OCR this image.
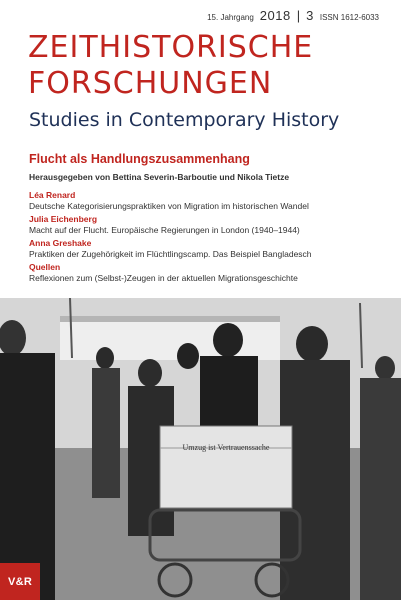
15. Jahrgang 2018 | 3 ISSN 1612-6033
ZEITHISTORISCHE
FORSCHUNGEN
Studies in Contemporary History
Flucht als Handlungszusammenhang
Herausgegeben von Bettina Severin-Barboutie und Nikola Tietze
Léa Renard
Deutsche Kategorisierungspraktiken von Migration im historischen Wandel
Julia Eichenberg
Macht auf der Flucht. Europäische Regierungen in London (1940–1944)
Anna Greshake
Praktiken der Zugehörigkeit im Flüchtlingscamp. Das Beispiel Bangladesch
Quellen
Reflexionen zum (Selbst-)Zeugen in der aktuellen Migrationsgeschichte
Umzug ist Vertrauenssache
V&R
